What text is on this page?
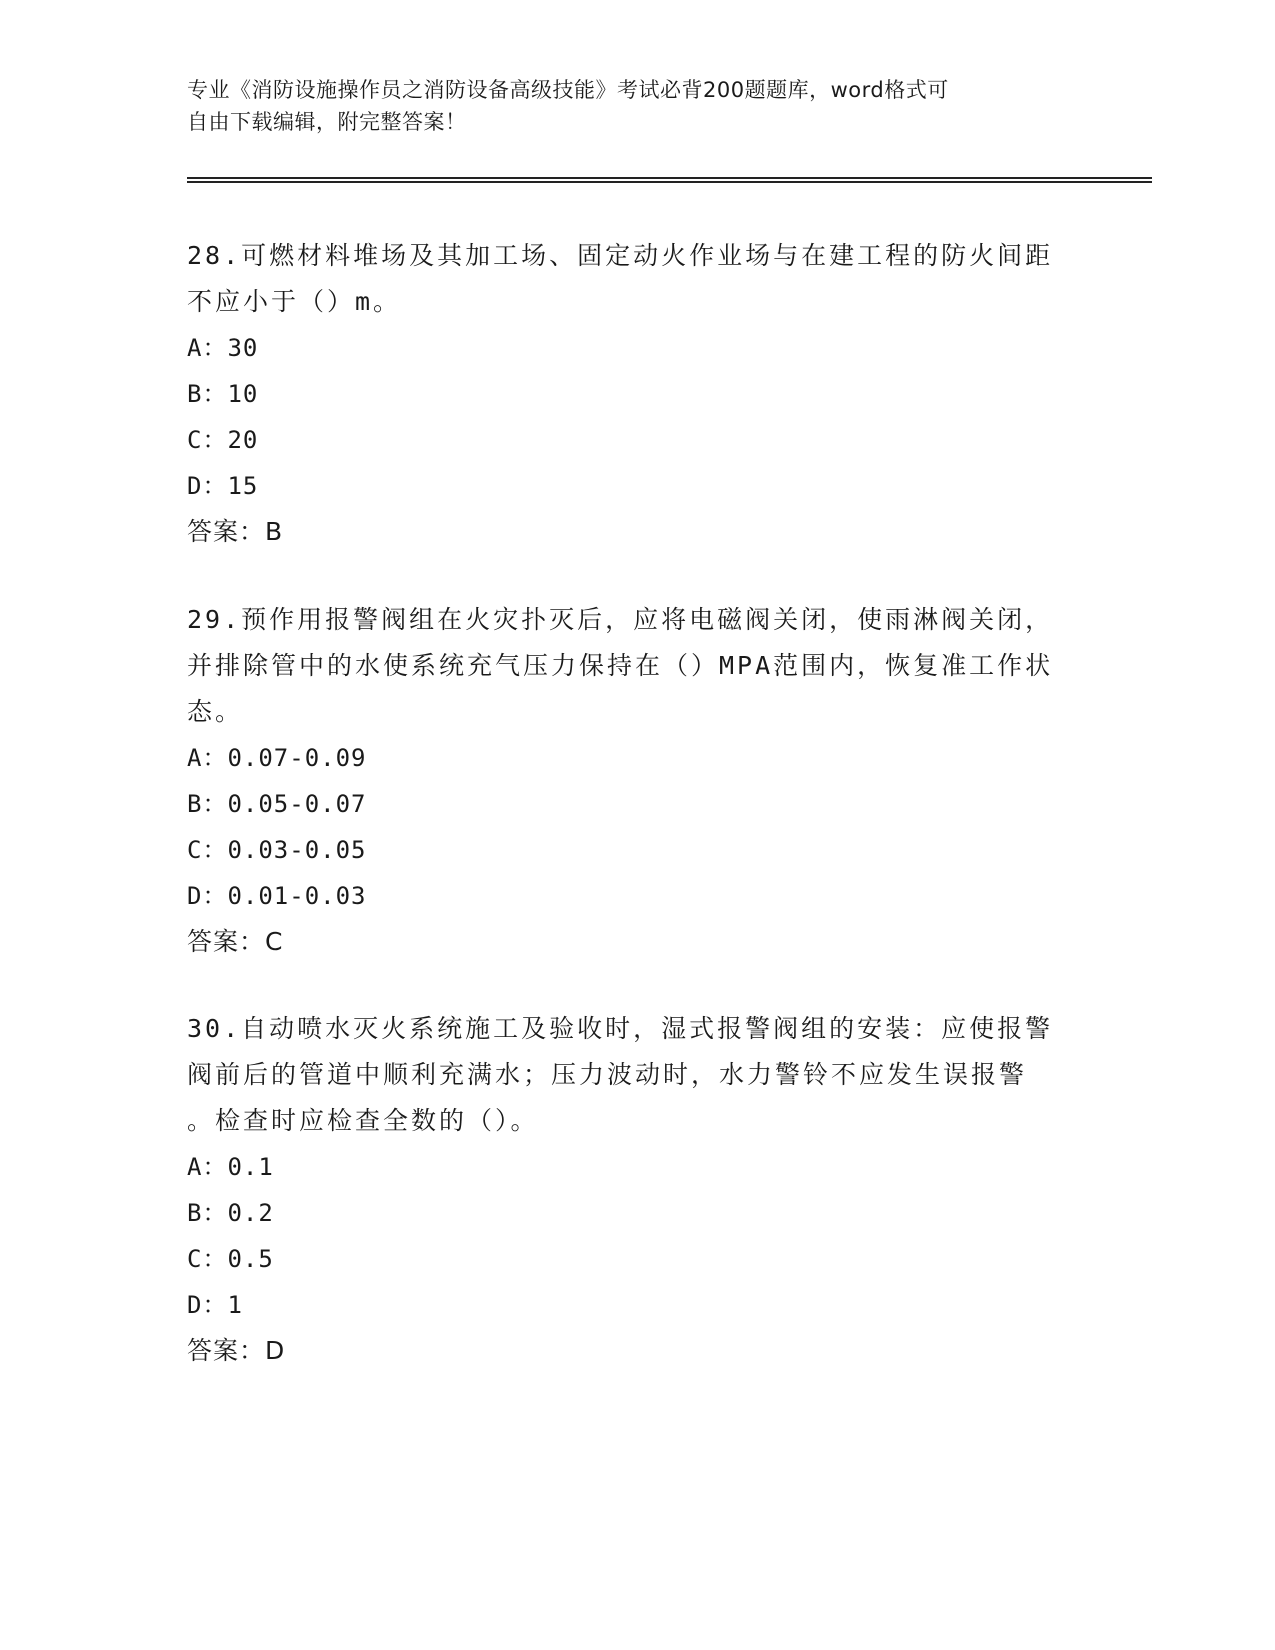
专业《消防设施操作员之消防设备高级技能》考试必背200题题库，word格式可
自由下载编辑，附完整答案！

28.可燃材料堆场及其加工场、固定动火作业场与在建工程的防火间距

不应小于（）m。

A：30

B：10

C：20

D：15

答案：B

29.预作用报警阀组在火灾扑灭后，应将电磁阀关闭，使雨淋阀关闭，

并排除管中的水使系统充气压力保持在（）MPA范围内，恢复准工作状

态。

A：0.07-0.09

B：0.05-0.07

C：0.03-0.05

D：0.01-0.03

答案：C

30.自动喷水灭火系统施工及验收时，湿式报警阀组的安装：应使报警

阀前后的管道中顺利充满水；压力波动时，水力警铃不应发生误报警

。检查时应检查全数的（）。

A：0.1

B：0.2

C：0.5

D：1

答案：D
